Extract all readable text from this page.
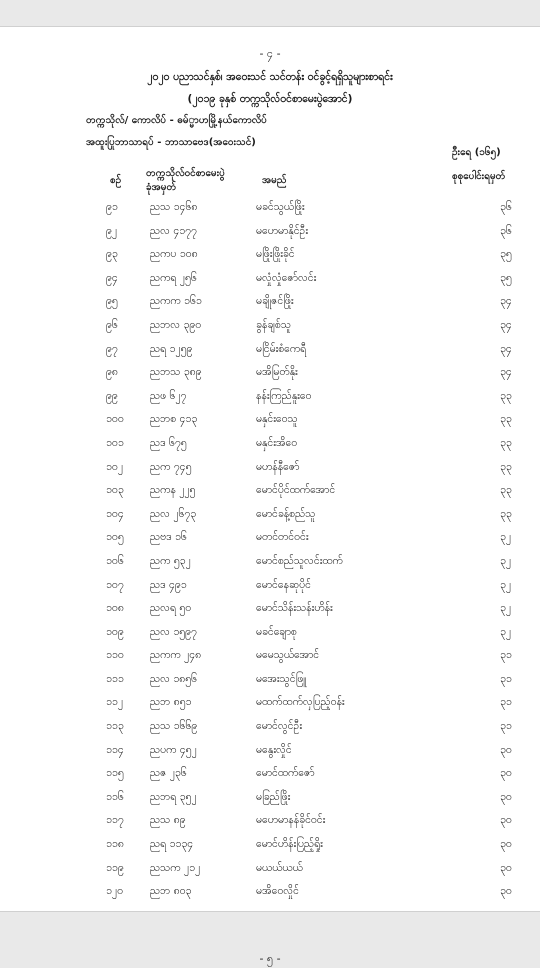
- ၄ -
၂၀၂၀ ပညာသင်နှစ်၊ အဝေးသင် သင်တန်း ဝင်ခွင့်ရရှိသူများစာရင်း
(၂၀၁၉ ခုနှစ် တက္ကသိုလ်ဝင်စာမေးပွဲအောင်)
တက္ကသိုလ်/ ကောလိပ် - ဓမ်္မာဟမြို့နယ်ကောလိပ်
အထူးပြုဘာသာရပ် - ဘာသာဗေဒ(အဝေးသင်)
စဉ်
တက္ကသိုလ်ဝင်စာမေးပွဲ
ခုံအမှတ်
အမည်
ဦးရေ (၁၆၅)
စုစုပေါင်းရမှတ်
၉၁	ညသ ၁၄၆၈	မခင်သွယ်ဖြိုး	၃၆
၉၂	ညလ ၄၁၇၇	မဟေမာနိုင်ဦး	၃၆
၉၃	ညကပ ၁၀၈	မဖြိုးဖြိုးခိုင်	၃၅
၉၄	ညကရ ၂၅၆	မလှုံလှုံဇော်လင်း	၃၅
၉၅	ညကက ၁၆၁	မချိုဇင်ဖြိုး	၃၄
၉၆	ညဘလ ၃၉၀	ခွန်ချစ်သူ	၃၄
၉၇	ညရ ၁၂၅၉	မငြိမ်းစံကေရီ	၃၄
၉၈	ညဘသ ၃၈၉	မအိမြတ်နိုး	၃၄
၉၉	ညဖ ၆၂၇	နန်းကြည်နူးဝေ	၃၃
၁၀၀	ညဘစ ၄၁၃	မနှင်းဝေသူ	၃၃
၁၀၁	ညဒ ၆၇၅	မနှင်းအိဝေ	၃၃
၁၀၂	ညက ၇၄၅	မဟန်နီဇော်	၃၃
၁၀၃	ညကန ၂၂၅	မောင်ပိုင်ထက်အောင်	၃၃
၁၀၄	ညလ ၂၆၇၃	မောင်ခန့်စည်သူ	၃၃
၁၀၅	ညဗဒ ၁၆	မတင်တင်ဝင်း	၃၂
၁၀၆	ညက ၅၃၂	မောင်စည်သူလင်းထက်	၃၂
၁၀၇	ညဒ ၄၉၁	မောင်နေဆုပိုင်	၃၂
၁၀၈ ညလရ ၅၀	မောင်သိန်းသန်းဟိန်း	၃၂
၁၀၉	ညလ ၁၅၉၇	မခင်ချောစု	၃၂
၁၁၀	ညကက ၂၄၈	မမေသွယ်အောင်	၃၁
၁၁၁	ညလ ၁၈၅၆	မအေးသွင်ဖြူ	၃၁
၁၁၂	ညဘ ၈၅၁	မထက်ထက်လှပြည့်ဝန်း	၃၁
၁၁၃	ညသ ၁၆၆၉	မောင်လွင်ဦး	၃၁
၁၁၄	ညပက ၄၅၂	မနွေးလှိုင်	၃၀
၁၁၅	ညဇ ၂၃၆	မောင်ထက်ဇော်	၃၀
၁၁၆	ညဘရ ၃၅၂	မခြည်ဖြိုး	၃၀
၁၁၇	ညသ ၈၉	မဟေမာနန်ခိုင်ဝင်း	၃၀
၁၁၈ ညရ ၁၁၃၄	မောင်ဟိန်းပြည့်ရှိုး	၃၀
၁၁၉	ညသက ၂၁၂	မယယ်ယယ်	၃၀
၁၂၀	ညဘ ၈၀၃	မအိဝေလှိုင်	၃၀
- ၅ -
